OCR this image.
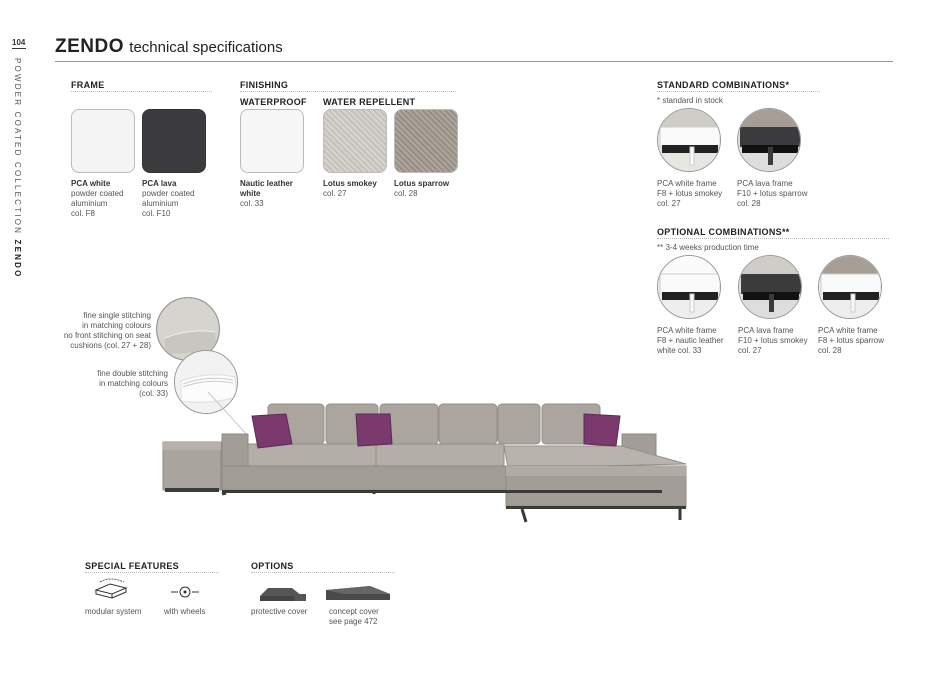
104
POWDER COATED COLLECTION ZENDO
ZENDO technical specifications
FRAME
PCA white
powder coated
aluminium
col. F8
PCA lava
powder coated
aluminium
col. F10
FINISHING
WATERPROOF WATER REPELLENT
Nautic leather
white
col. 33
Lotus smokey
col. 27
Lotus sparrow
col. 28
STANDARD COMBINATIONS*
* standard in stock
PCA white frame
F8 + lotus smokey
col. 27
PCA lava frame
F10 + lotus sparrow
col. 28
OPTIONAL COMBINATIONS**
** 3-4 weeks production time
PCA white frame
F8 + nautic leather
white col. 33
PCA lava frame
F10 + lotus smokey
col. 27
PCA white frame
F8 + lotus sparrow
col. 28
fine single stitching
in matching colours
no front stitching on seat
cushions (col. 27 + 28)
fine double stitching
in matching colours
(col. 33)
SPECIAL FEATURES
modular system	with wheels
OPTIONS
protective cover	concept cover
see page 472
